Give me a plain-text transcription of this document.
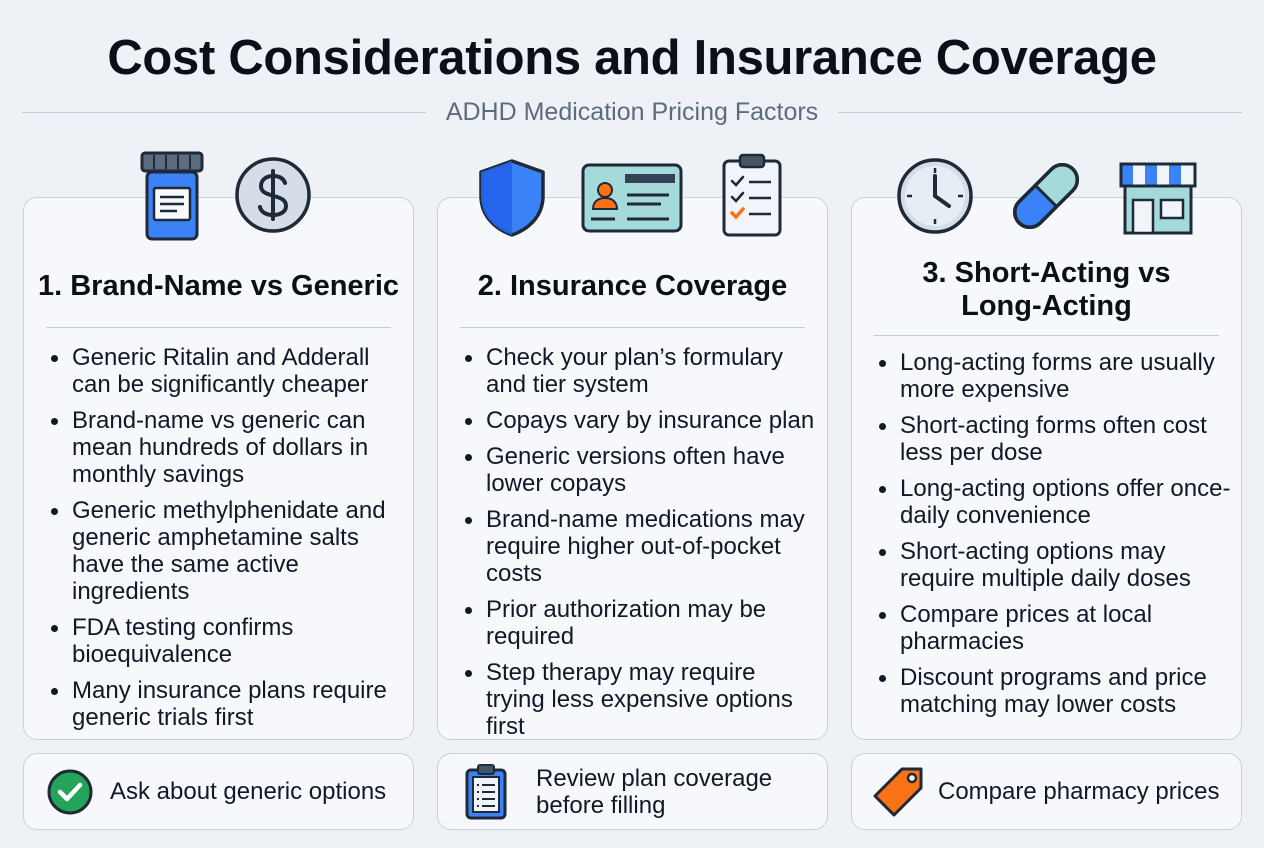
Cost Considerations and Insurance Coverage
ADHD Medication Pricing Factors
1. Brand-Name vs Generic
Generic Ritalin and Adderall can be significantly cheaper
Brand-name vs generic can mean hundreds of dollars in monthly savings
Generic methylphenidate and generic amphetamine salts have the same active ingredients
FDA testing confirms bioequivalence
Many insurance plans require generic trials first
2. Insurance Coverage
Check your plan’s formulary and tier system
Copays vary by insurance plan
Generic versions often have lower copays
Brand-name medications may require higher out-of-pocket costs
Prior authorization may be required
Step therapy may require trying less expensive options first
3. Short-Acting vs
Long-Acting
Long-acting forms are usually more expensive
Short-acting forms often cost less per dose
Long-acting options offer once-daily convenience
Short-acting options may require multiple daily doses
Compare prices at local pharmacies
Discount programs and price matching may lower costs
Ask about generic options	Review plan coverage
before filling	Compare pharmacy prices
